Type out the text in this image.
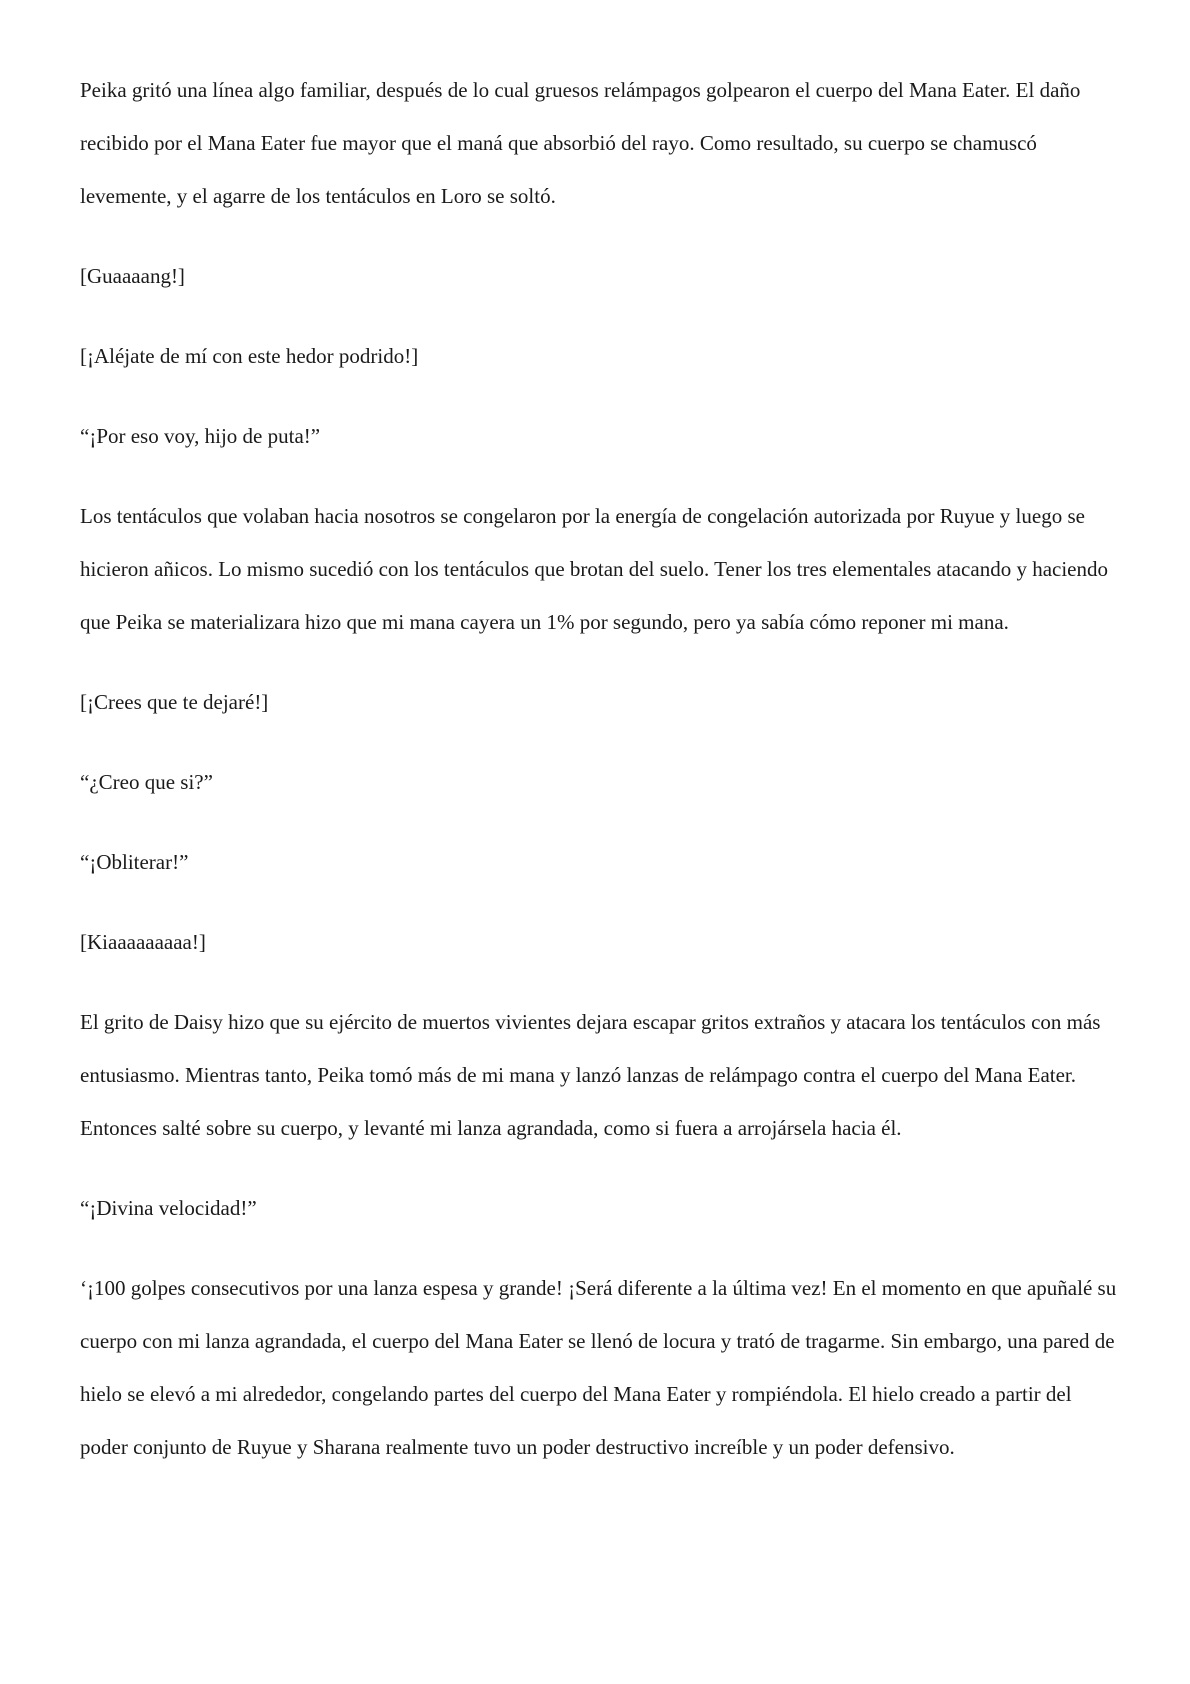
Peika gritó una línea algo familiar, después de lo cual gruesos relámpagos golpearon el cuerpo del Mana Eater. El daño recibido por el Mana Eater fue mayor que el maná que absorbió del rayo. Como resultado, su cuerpo se chamuscó levemente, y el agarre de los tentáculos en Loro se soltó.

[Guaaaang!]

[¡Aléjate de mí con este hedor podrido!]

“¡Por eso voy, hijo de puta!”

Los tentáculos que volaban hacia nosotros se congelaron por la energía de congelación autorizada por Ruyue y luego se hicieron añicos. Lo mismo sucedió con los tentáculos que brotan del suelo. Tener los tres elementales atacando y haciendo que Peika se materializara hizo que mi mana cayera un 1% por segundo, pero ya sabía cómo reponer mi mana.

[¡Crees que te dejaré!]

“¿Creo que si?”

“¡Obliterar!”

[Kiaaaaaaaaa!]

El grito de Daisy hizo que su ejército de muertos vivientes dejara escapar gritos extraños y atacara los tentáculos con más entusiasmo. Mientras tanto, Peika tomó más de mi mana y lanzó lanzas de relámpago contra el cuerpo del Mana Eater. Entonces salté sobre su cuerpo, y levanté mi lanza agrandada, como si fuera a arrojársela hacia él.

“¡Divina velocidad!”

‘¡100 golpes consecutivos por una lanza espesa y grande! ¡Será diferente a la última vez! En el momento en que apuñalé su cuerpo con mi lanza agrandada, el cuerpo del Mana Eater se llenó de locura y trató de tragarme. Sin embargo, una pared de hielo se elevó a mi alrededor, congelando partes del cuerpo del Mana Eater y rompiéndola. El hielo creado a partir del poder conjunto de Ruyue y Sharana realmente tuvo un poder destructivo increíble y un poder defensivo.
